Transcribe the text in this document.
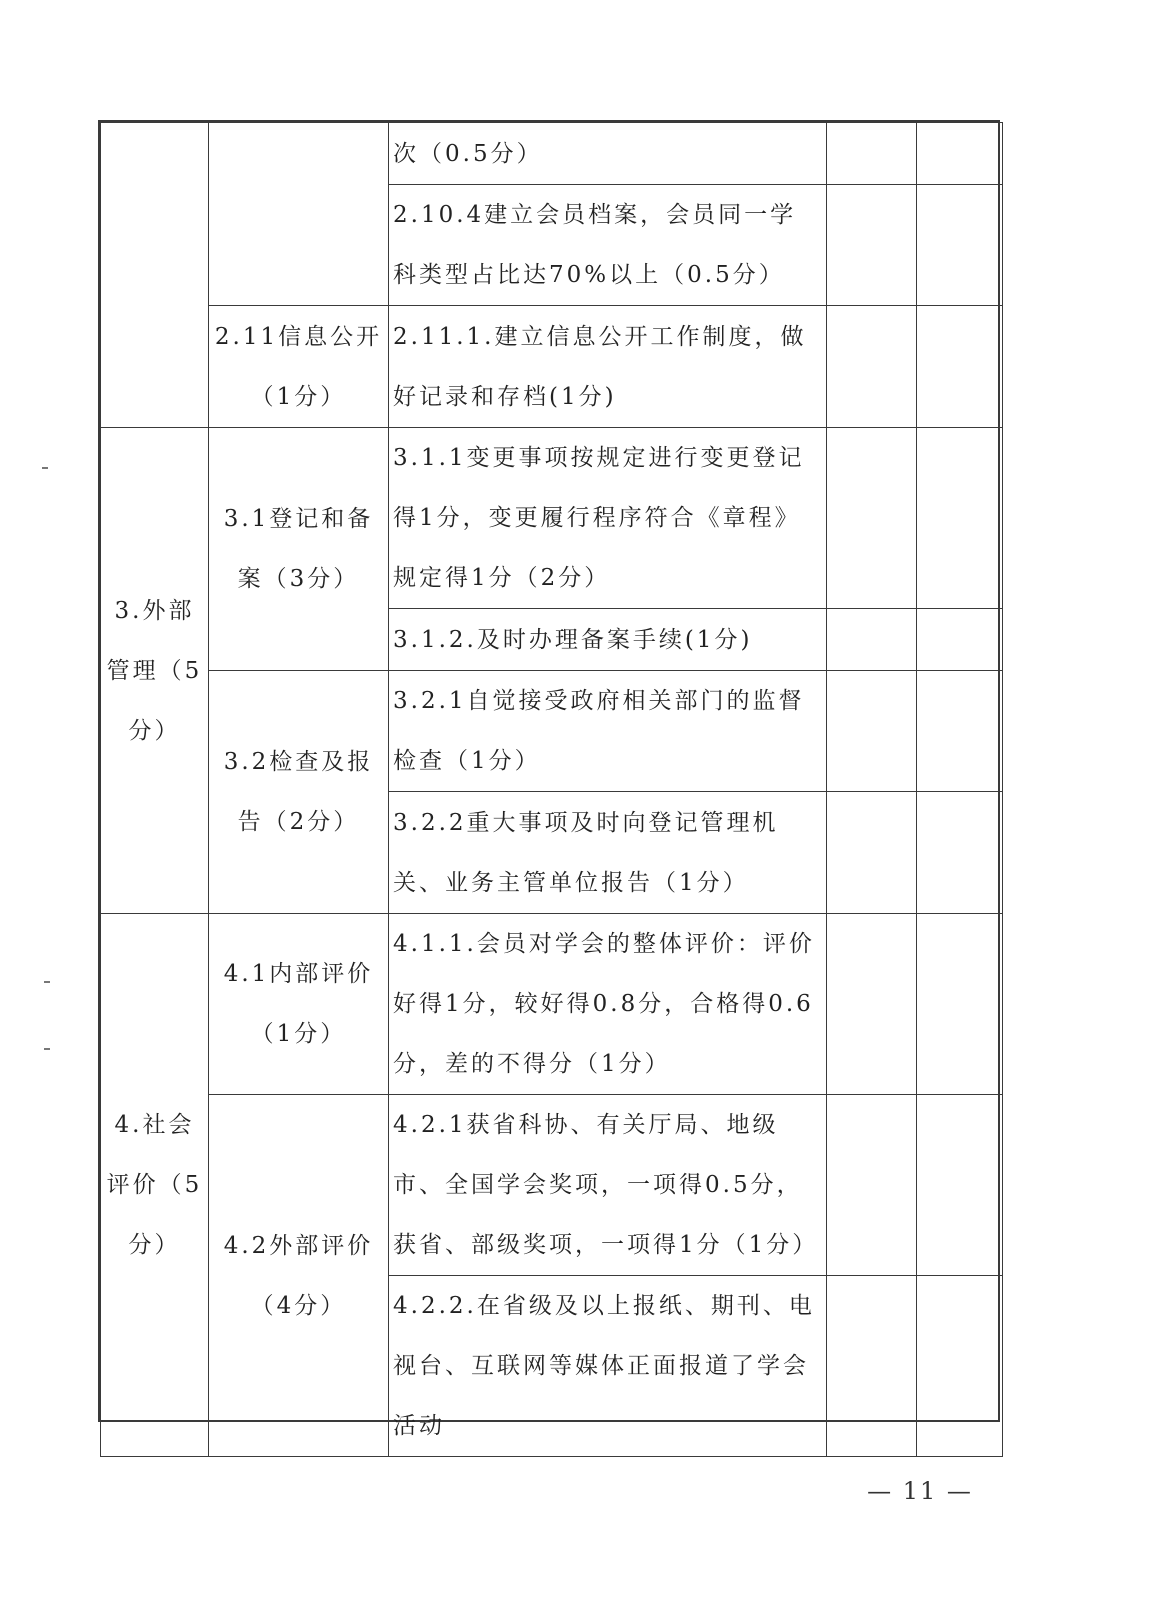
		次（0.5分）		
		2.10.4建立会员档案，会员同一学科类型占比达70%以上（0.5分）		
	2.11信息公开（1分）	2.11.1.建立信息公开工作制度，做好记录和存档(1分)		
3.外部管理（5分）	3.1登记和备案（3分）	3.1.1变更事项按规定进行变更登记得1分，变更履行程序符合《章程》规定得1分（2分）		
		3.1.2.及时办理备案手续(1分)		
	3.2检查及报告（2分）	3.2.1自觉接受政府相关部门的监督检查（1分）		
		3.2.2重大事项及时向登记管理机关、业务主管单位报告（1分）		
4.社会评价（5分）	4.1内部评价（1分）	4.1.1.会员对学会的整体评价：评价好得1分，较好得0.8分，合格得0.6分，差的不得分（1分）		
	4.2外部评价（4分）	4.2.1获省科协、有关厅局、地级市、全国学会奖项，一项得0.5分，获省、部级奖项，一项得1分（1分）		
		4.2.2.在省级及以上报纸、期刊、电视台、互联网等媒体正面报道了学会活动		
— 11 —
